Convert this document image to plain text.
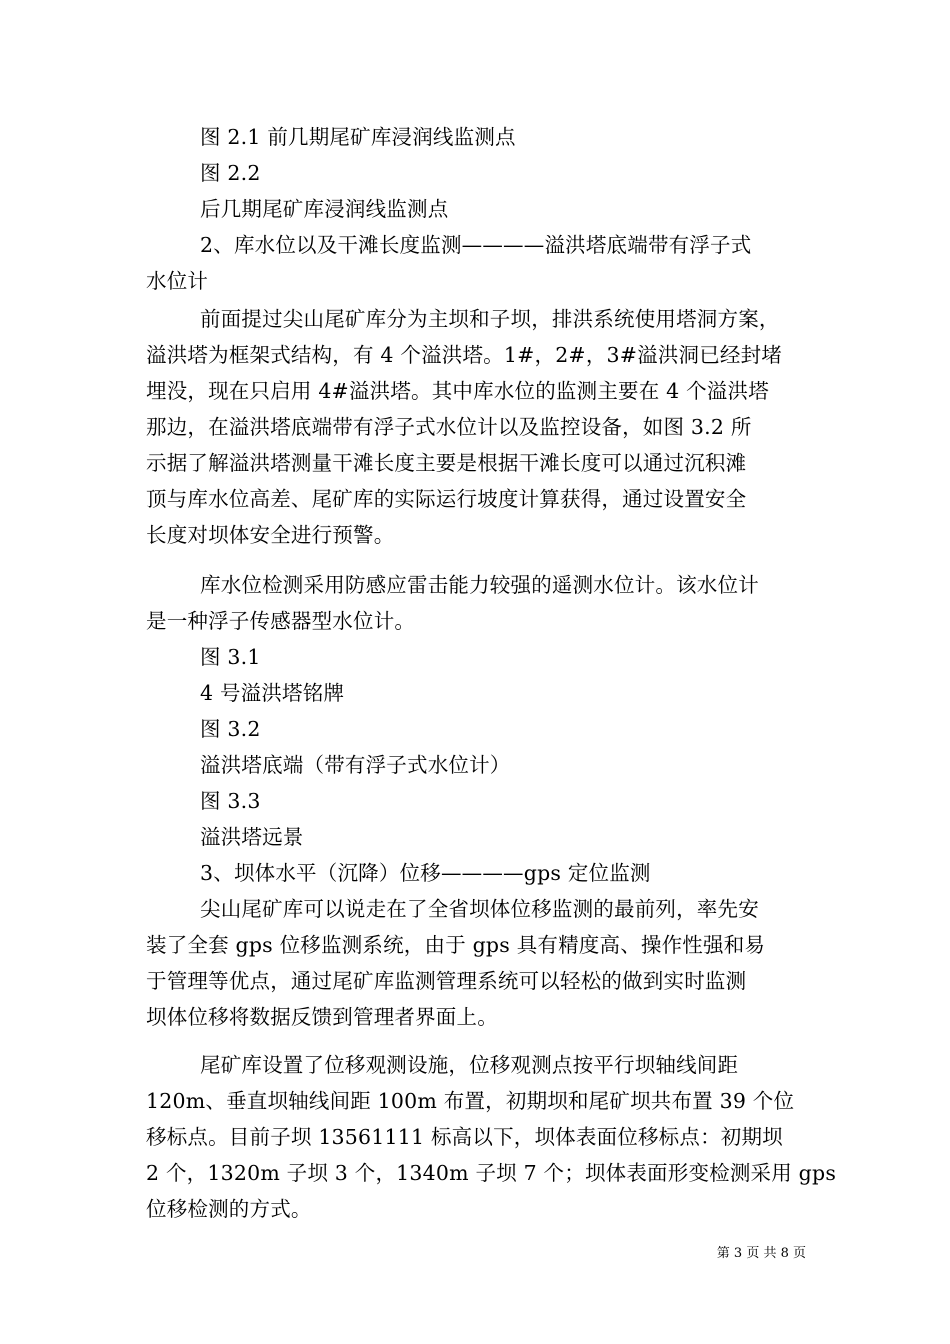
图 2.1 前几期尾矿库浸润线监测点
图 2.2
后几期尾矿库浸润线监测点
2、库水位以及干滩长度监测————溢洪塔底端带有浮子式
水位计
前面提过尖山尾矿库分为主坝和子坝，排洪系统使用塔洞方案，
溢洪塔为框架式结构，有 4 个溢洪塔。1#，2#，3#溢洪洞已经封堵
埋没，现在只启用 4#溢洪塔。其中库水位的监测主要在 4 个溢洪塔
那边，在溢洪塔底端带有浮子式水位计以及监控设备，如图 3.2 所
示据了解溢洪塔测量干滩长度主要是根据干滩长度可以通过沉积滩
顶与库水位高差、尾矿库的实际运行坡度计算获得，通过设置安全
长度对坝体安全进行预警。
库水位检测采用防感应雷击能力较强的遥测水位计。该水位计
是一种浮子传感器型水位计。
图 3.1
4 号溢洪塔铭牌
图 3.2
溢洪塔底端（带有浮子式水位计）
图 3.3
溢洪塔远景
3、坝体水平（沉降）位移————gps 定位监测
尖山尾矿库可以说走在了全省坝体位移监测的最前列，率先安
装了全套 gps 位移监测系统，由于 gps 具有精度高、操作性强和易
于管理等优点，通过尾矿库监测管理系统可以轻松的做到实时监测
坝体位移将数据反馈到管理者界面上。
尾矿库设置了位移观测设施，位移观测点按平行坝轴线间距
120m、垂直坝轴线间距 100m 布置，初期坝和尾矿坝共布置 39 个位
移标点。目前子坝 13561111 标高以下，坝体表面位移标点：初期坝
2 个，1320m 子坝 3 个，1340m 子坝 7 个；坝体表面形变检测采用 gps
位移检测的方式。
第 3 页 共 8 页
